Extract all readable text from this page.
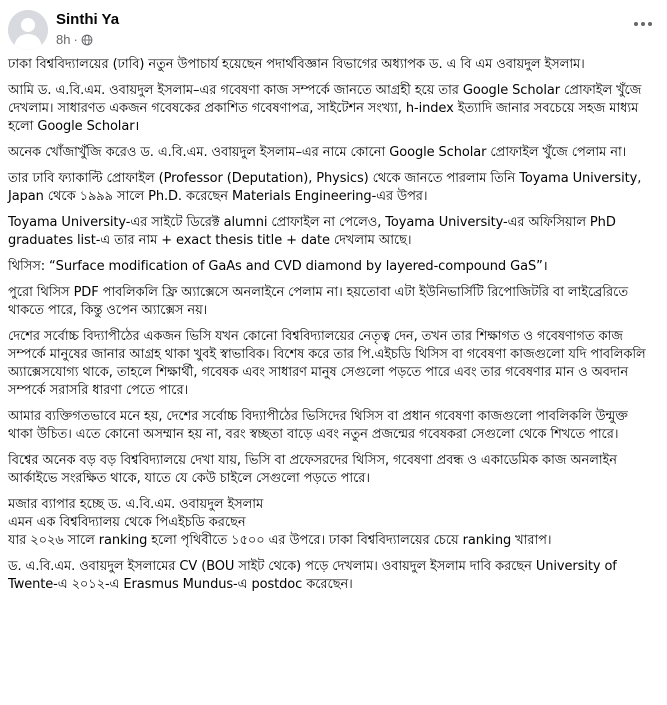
Sinthi Ya
8h ·

ঢাকা বিশ্ববিদ্যালয়ের (ঢাবি) নতুন উপাচার্য হয়েছেন পদার্থবিজ্ঞান বিভাগের অধ্যাপক ড. এ বি এম ওবায়দুল ইসলাম।

আমি ড. এ.বি.এম. ওবায়দুল ইসলাম–এর গবেষণা কাজ সম্পর্কে জানতে আগ্রহী হয়ে তার Google Scholar প্রোফাইল খুঁজে দেখলাম। সাধারণত একজন গবেষকের প্রকাশিত গবেষণাপত্র, সাইটেশন সংখ্যা, h-index ইত্যাদি জানার সবচেয়ে সহজ মাধ্যম হলো Google Scholar।

অনেক খোঁজাখুঁজি করেও ড. এ.বি.এম. ওবায়দুল ইসলাম–এর নামে কোনো Google Scholar প্রোফাইল খুঁজে পেলাম না।

তার ঢাবি ফ্যাকাল্টি প্রোফাইল (Professor (Deputation), Physics) থেকে জানতে পারলাম তিনি Toyama University, Japan থেকে ১৯৯৯ সালে Ph.D. করেছেন Materials Engineering-এর উপর।

Toyama University-এর সাইটে ডিরেক্ট alumni প্রোফাইল না পেলেও, Toyama University-এর অফিসিয়াল PhD graduates list-এ তার নাম + exact thesis title + date দেখলাম আছে।

থিসিস: “Surface modification of GaAs and CVD diamond by layered-compound GaS”।

পুরো থিসিস PDF পাবলিকলি ফ্রি অ্যাক্সেসে অনলাইনে পেলাম না। হয়তোবা এটা ইউনিভার্সিটি রিপোজিটরি বা লাইব্রেরিতে থাকতে পারে, কিন্তু ওপেন অ্যাক্সেস নয়।

দেশের সর্বোচ্চ বিদ্যাপীঠের একজন ভিসি যখন কোনো বিশ্ববিদ্যালয়ের নেতৃত্ব দেন, তখন তার শিক্ষাগত ও গবেষণাগত কাজ সম্পর্কে মানুষের জানার আগ্রহ থাকা খুবই স্বাভাবিক। বিশেষ করে তার পি.এইচডি থিসিস বা গবেষণা কাজগুলো যদি পাবলিকলি অ্যাক্সেসযোগ্য থাকে, তাহলে শিক্ষার্থী, গবেষক এবং সাধারণ মানুষ সেগুলো পড়তে পারে এবং তার গবেষণার মান ও অবদান সম্পর্কে সরাসরি ধারণা পেতে পারে।

আমার ব্যক্তিগতভাবে মনে হয়, দেশের সর্বোচ্চ বিদ্যাপীঠের ভিসিদের থিসিস বা প্রধান গবেষণা কাজগুলো পাবলিকলি উন্মুক্ত থাকা উচিত। এতে কোনো অসম্মান হয় না, বরং স্বচ্ছতা বাড়ে এবং নতুন প্রজন্মের গবেষকরা সেগুলো থেকে শিখতে পারে।

বিশ্বের অনেক বড় বড় বিশ্ববিদ্যালয়ে দেখা যায়, ভিসি বা প্রফেসরদের থিসিস, গবেষণা প্রবন্ধ ও একাডেমিক কাজ অনলাইন আর্কাইভে সংরক্ষিত থাকে, যাতে যে কেউ চাইলে সেগুলো পড়তে পারে।

মজার ব্যাপার হচ্ছে ড. এ.বি.এম. ওবায়দুল ইসলাম
এমন এক বিশ্ববিদ্যালয় থেকে পিএইচডি করছেন
যার ২০২৬ সালে ranking হলো পৃথিবীতে ১৫০০ এর উপরে। ঢাকা বিশ্ববিদ্যালয়ের চেয়ে ranking খারাপ।

ড. এ.বি.এম. ওবায়দুল ইসলামের CV (BOU সাইট থেকে) পড়ে দেখলাম। ওবায়দুল ইসলাম দাবি করছেন University of Twente-এ ২০১২-এ Erasmus Mundus-এ postdoc করেছেন।
